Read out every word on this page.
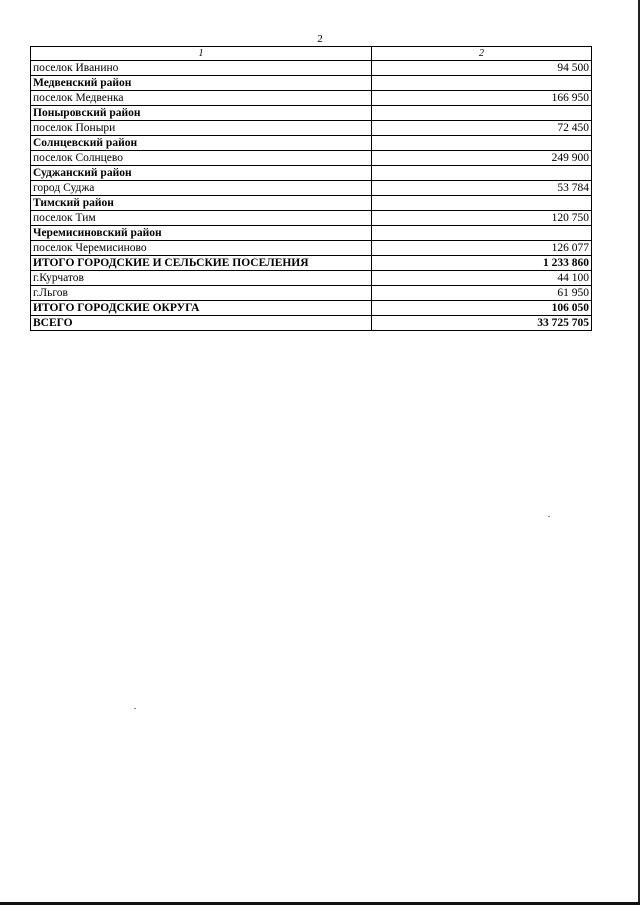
2
1	2
поселок Иванино	94 500
Медвенский район	
поселок Медвенка	166 950
Поныровский район	
поселок Поныри	72 450
Солнцевский район	
поселок Солнцево	249 900
Суджанский район	
город Суджа	53 784
Тимский район	
поселок Тим	120 750
Черемисиновский район	
поселок Черемисиново	126 077
ИТОГО ГОРОДСКИЕ И СЕЛЬСКИЕ ПОСЕЛЕНИЯ	1 233 860
г.Курчатов	44 100
г.Льгов	61 950
ИТОГО ГОРОДСКИЕ ОКРУГА	106 050
ВСЕГО	33 725 705
